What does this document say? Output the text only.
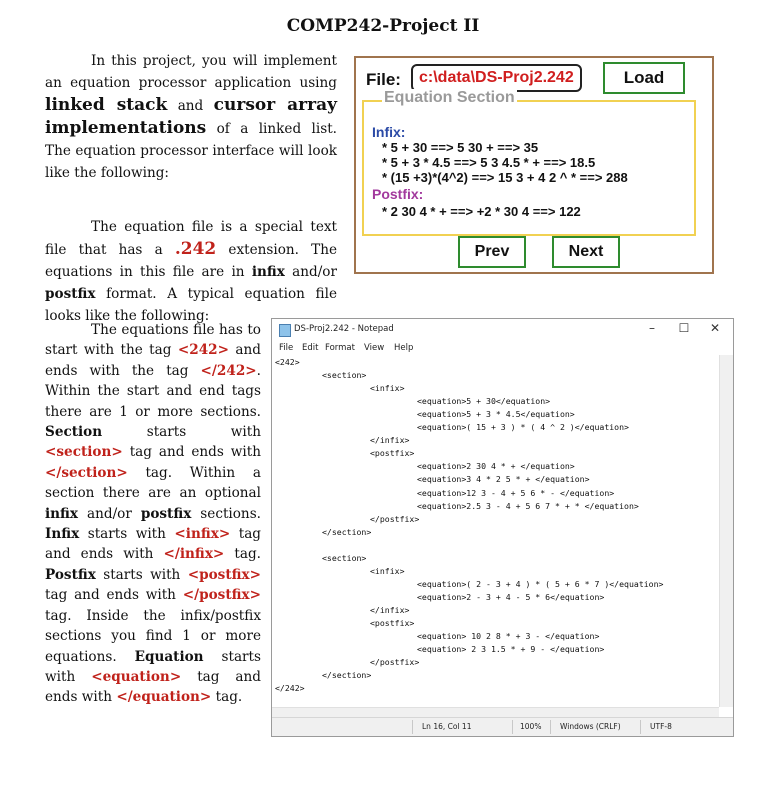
COMP242-Project II

In this project, you will implement an equation processor application using linked stack and cursor array implementations of a linked list. The equation processor interface will look like the following:

The equation file is a special text file that has a .242 extension. The equations in this file are in infix and/or postfix format. A typical equation file looks like the following:

The equations file has to start with the tag <242> and ends with the tag </242>. Within the start and end tags there are 1 or more sections. Section starts with <section> tag and ends with </section> tag. Within a section there are an optional infix and/or postfix sections. Infix starts with <infix> tag and ends with </infix> tag. Postfix starts with <postfix> tag and ends with </postfix> tag. Inside the infix/postfix sections you find 1 or more equations. Equation starts with <equation> tag and ends with </equation> tag.

File:	c:\data\DS-Proj2.242	Load
Equation Section
Infix:
* 5 + 30 ==> 5 30 + ==> 35
* 5 + 3 * 4.5 ==> 5 3 4.5 * + ==> 18.5
* (15 +3)*(4^2) ==> 15 3 + 4 2 ^ * ==> 288
Postfix:
* 2 30 4 * + ==> +2 * 30 4 ==> 122
Prev	Next
DS-Proj2.242 - Notepad	–	☐	✕
File Edit Format View Help
<242>
<section>
<infix>
<equation>5 + 30</equation>
<equation>5 + 3 * 4.5</equation>
<equation>( 15 + 3 ) * ( 4 ^ 2 )</equation>
</infix>
<postfix>
<equation>2 30 4 * + </equation>
<equation>3 4 * 2 5 * + </equation>
<equation>12 3 - 4 + 5 6 * - </equation>
<equation>2.5 3 - 4 + 5 6 7 * + * </equation>
</postfix>
</section>
<section>
<infix>
<equation>( 2 - 3 + 4 ) * ( 5 + 6 * 7 )</equation>
<equation>2 - 3 + 4 - 5 * 6</equation>
</infix>
<postfix>
<equation> 10 2 8 * + 3 - </equation>
<equation> 2 3 1.5 * + 9 - </equation>
</postfix>
</section>
</242>
Ln 16, Col 11	100% Windows (CRLF)	UTF-8
